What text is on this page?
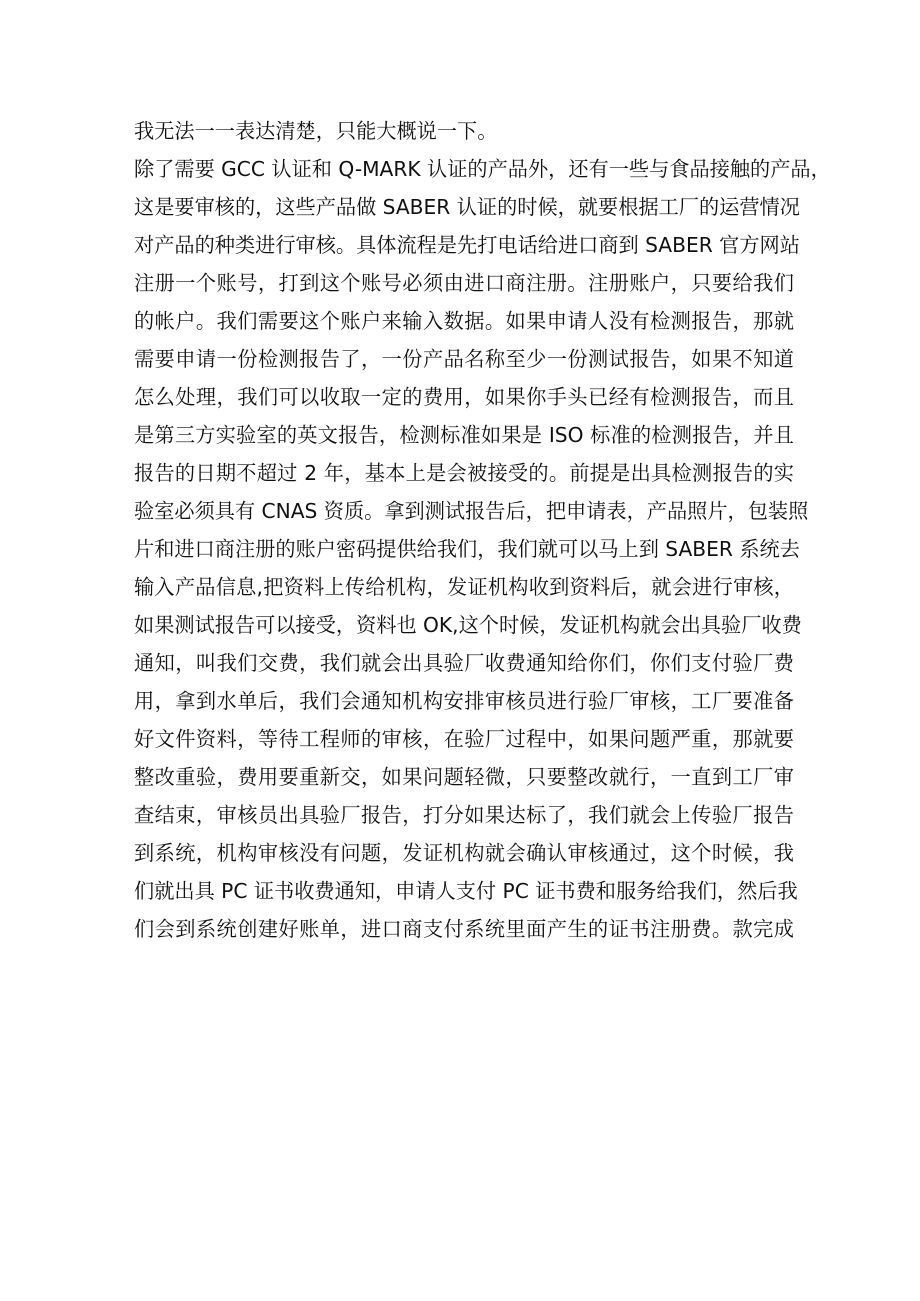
我无法一一表达清楚，只能大概说一下。
除了需要 GCC 认证和 Q-MARK 认证的产品外，还有一些与食品接触的产品，
这是要审核的，这些产品做 SABER 认证的时候，就要根据工厂的运营情况
对产品的种类进行审核。具体流程是先打电话给进口商到 SABER 官方网站
注册一个账号，打到这个账号必须由进口商注册。注册账户，只要给我们
的帐户。我们需要这个账户来输入数据。如果申请人没有检测报告，那就
需要申请一份检测报告了，一份产品名称至少一份测试报告，如果不知道
怎么处理，我们可以收取一定的费用，如果你手头已经有检测报告，而且
是第三方实验室的英文报告，检测标准如果是 ISO 标准的检测报告，并且
报告的日期不超过 2 年，基本上是会被接受的。前提是出具检测报告的实
验室必须具有 CNAS 资质。拿到测试报告后，把申请表，产品照片，包装照
片和进口商注册的账户密码提供给我们，我们就可以马上到 SABER 系统去
输入产品信息,把资料上传给机构，发证机构收到资料后，就会进行审核，
如果测试报告可以接受，资料也 OK,这个时候，发证机构就会出具验厂收费
通知，叫我们交费，我们就会出具验厂收费通知给你们，你们支付验厂费
用，拿到水单后，我们会通知机构安排审核员进行验厂审核，工厂要准备
好文件资料，等待工程师的审核，在验厂过程中，如果问题严重，那就要
整改重验，费用要重新交，如果问题轻微，只要整改就行，一直到工厂审
查结束，审核员出具验厂报告，打分如果达标了，我们就会上传验厂报告
到系统，机构审核没有问题，发证机构就会确认审核通过，这个时候，我
们就出具 PC 证书收费通知，申请人支付 PC 证书费和服务给我们，然后我
们会到系统创建好账单，进口商支付系统里面产生的证书注册费。款完成
